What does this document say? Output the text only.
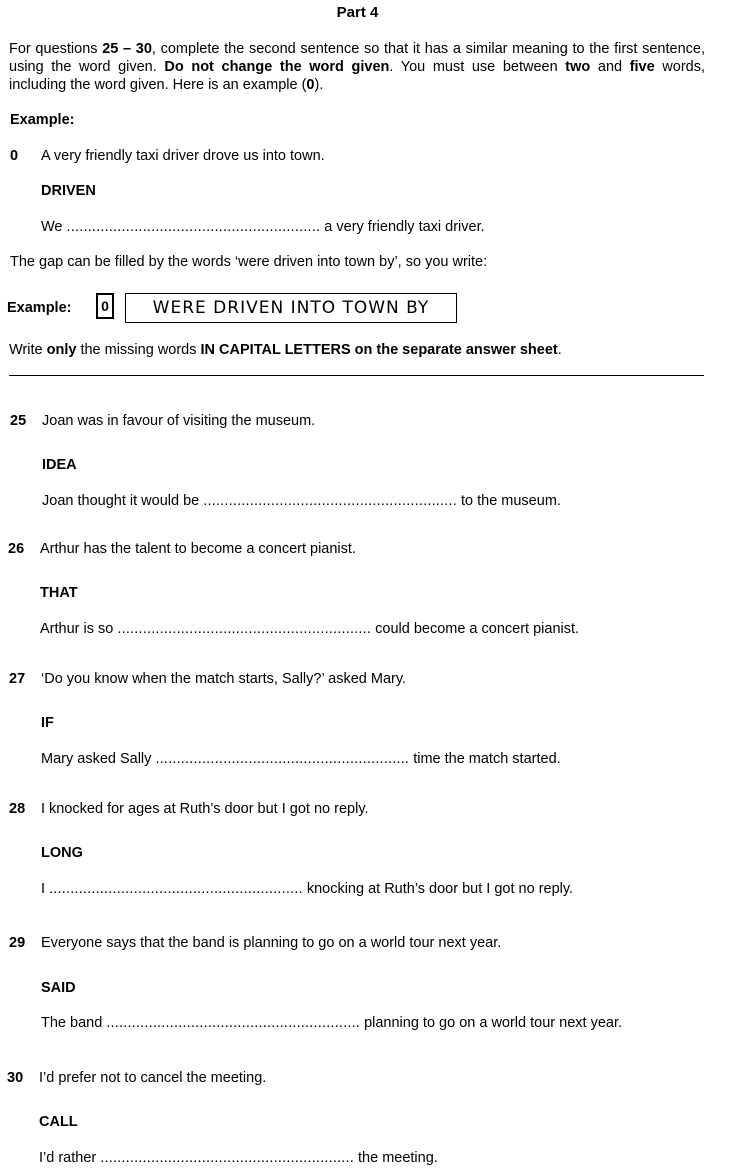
Part 4
For questions 25 – 30, complete the second sentence so that it has a similar meaning to the first sentence, using the word given. Do not change the word given. You must use between two and five words, including the word given. Here is an example (0).
Example:
0 A very friendly taxi driver drove us into town.
DRIVEN
We ............................................................ a very friendly taxi driver.
The gap can be filled by the words ‘were driven into town by’, so you write:
Example:	0	WERE DRIVEN INTO TOWN BY
Write only the missing words IN CAPITAL LETTERS on the separate answer sheet.
25 Joan was in favour of visiting the museum.
IDEA
Joan thought it would be ............................................................ to the museum.
26 Arthur has the talent to become a concert pianist.
THAT
Arthur is so ............................................................ could become a concert pianist.
27 ‘Do you know when the match starts, Sally?’ asked Mary.
IF
Mary asked Sally ............................................................ time the match started.
28 I knocked for ages at Ruth’s door but I got no reply.
LONG
I ............................................................ knocking at Ruth’s door but I got no reply.
29 Everyone says that the band is planning to go on a world tour next year.
SAID
The band ............................................................ planning to go on a world tour next year.
30 I’d prefer not to cancel the meeting.
CALL
I’d rather ............................................................ the meeting.
